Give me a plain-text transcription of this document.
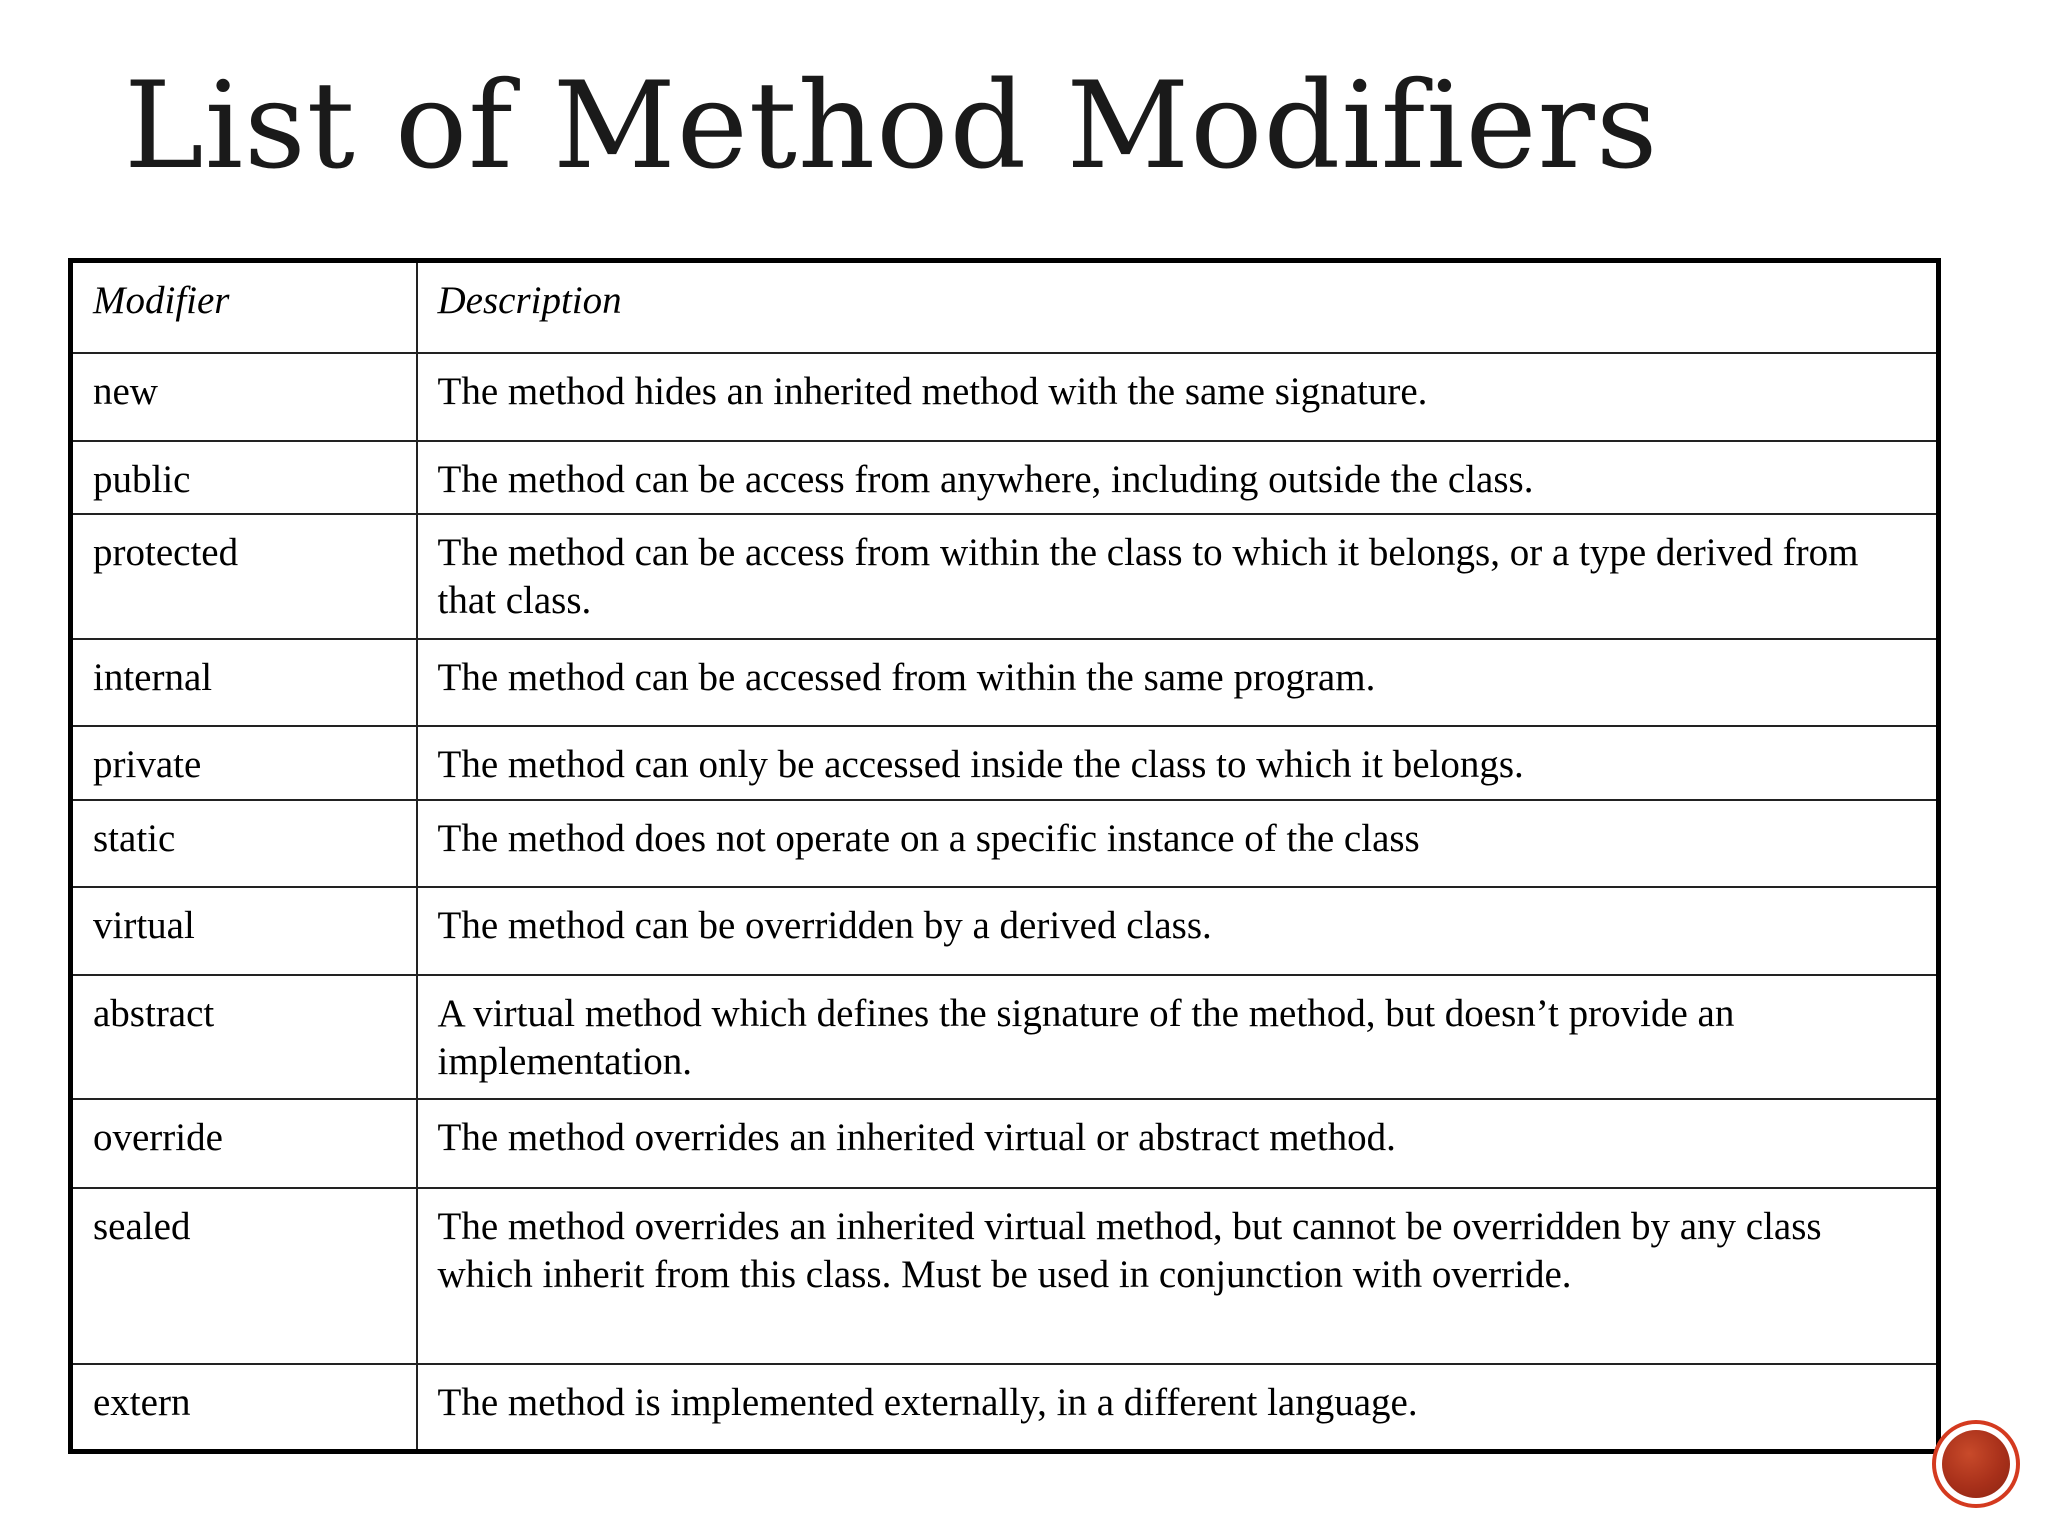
List of Method Modifiers
Modifier	Description
new	The method hides an inherited method with the same signature.
public	The method can be access from anywhere, including outside the class.
protected	The method can be access from within the class to which it belongs, or a type derived from that class.
internal	The method can be accessed from within the same program.
private	The method can only be accessed inside the class to which it belongs.
static	The method does not operate on a specific instance of the class
virtual	The method can be overridden by a derived class.
abstract	A virtual method which defines the signature of the method, but doesn’t provide an implementation.
override	The method overrides an inherited virtual or abstract method.
sealed	The method overrides an inherited virtual method, but cannot be overridden by any class which inherit from this class. Must be used in conjunction with override.
extern	The method is implemented externally, in a different language.
